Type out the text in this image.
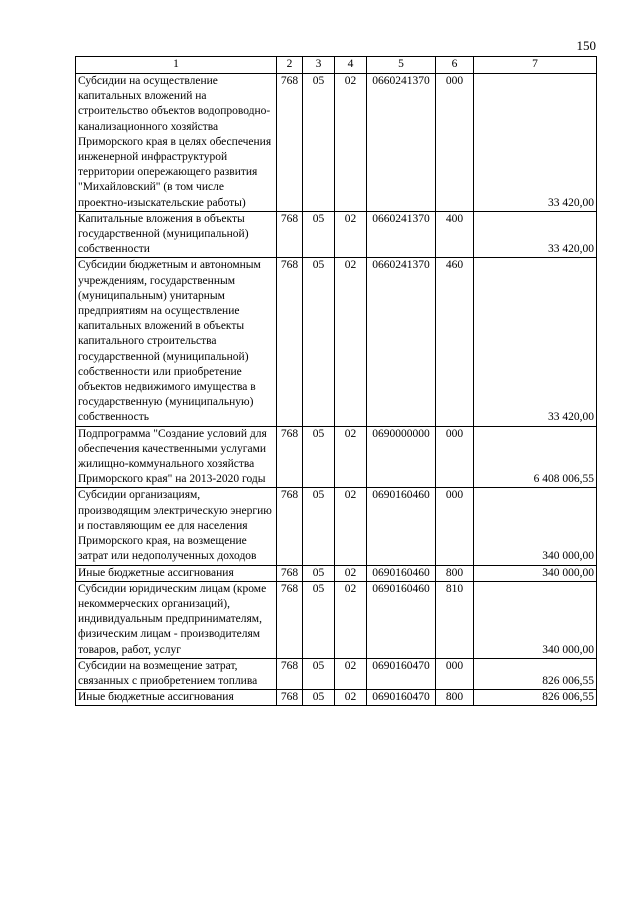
150
1	2	3	4	5	6	7
Субсидии на осуществление капитальных вложений на строительство объектов водопроводно-канализационного хозяйства Приморского края в целях обеспечения инженерной инфраструктурой территории опережающего развития "Михайловский" (в том числе проектно-изыскательские работы)	768	05	02	0660241370	000	33 420,00
Капитальные вложения в объекты государственной (муниципальной) собственности	768	05	02	0660241370	400	33 420,00
Субсидии бюджетным и автономным учреждениям, государственным (муниципальным) унитарным предприятиям на осуществление капитальных вложений в объекты капитального строительства государственной (муниципальной) собственности или приобретение объектов недвижимого имущества в государственную (муниципальную) собственность	768	05	02	0660241370	460	33 420,00
Подпрограмма "Создание условий для обеспечения качественными услугами жилищно-коммунального хозяйства Приморского края" на 2013-2020 годы	768	05	02	0690000000	000	6 408 006,55
Субсидии организациям, производящим электрическую энергию и поставляющим ее для населения Приморского края, на возмещение затрат или недополученных доходов	768	05	02	0690160460	000	340 000,00
Иные бюджетные ассигнования	768	05	02	0690160460	800	340 000,00
Субсидии юридическим лицам (кроме некоммерческих организаций), индивидуальным предпринимателям, физическим лицам - производителям товаров, работ, услуг	768	05	02	0690160460	810	340 000,00
Субсидии на возмещение затрат, связанных с приобретением топлива	768	05	02	0690160470	000	826 006,55
Иные бюджетные ассигнования	768	05	02	0690160470	800	826 006,55
